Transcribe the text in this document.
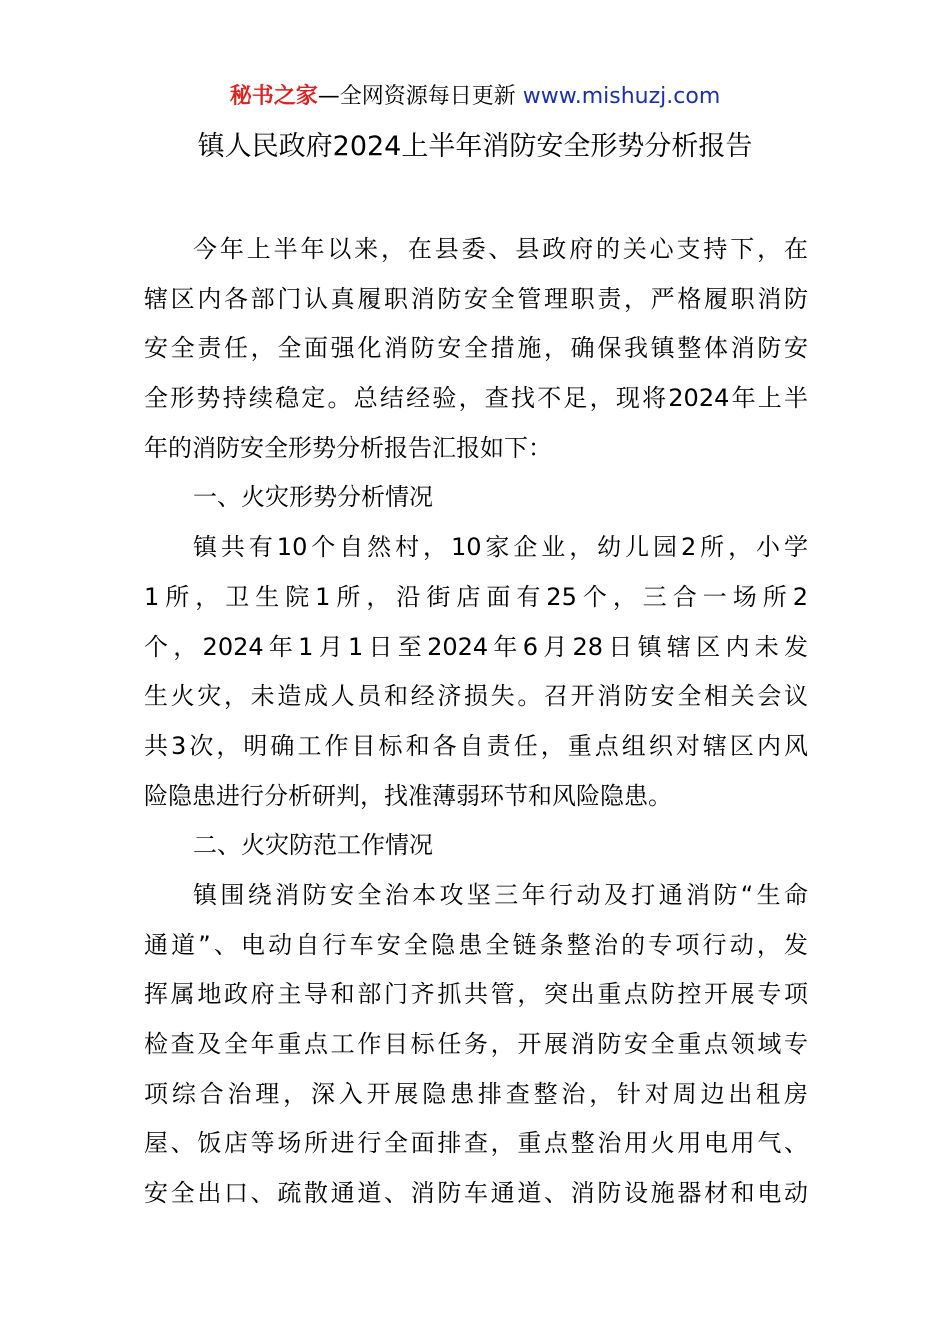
秘书之家—全网资源每日更新 www.mishuzj.com
镇人民政府2024上半年消防安全形势分析报告
今年上半年以来，在县委、县政府的关心支持下，在
辖区内各部门认真履职消防安全管理职责，严格履职消防
安全责任，全面强化消防安全措施，确保我镇整体消防安
全形势持续稳定。总结经验，查找不足，现将2024年上半
年的消防安全形势分析报告汇报如下：
一、火灾形势分析情况
镇共有10个自然村，10家企业，幼儿园2所，小学
1所，卫生院1所，沿街店面有25个，三合一场所2
个，2024年1月1日至2024年6月28日镇辖区内未发
生火灾，未造成人员和经济损失。召开消防安全相关会议
共3次，明确工作目标和各自责任，重点组织对辖区内风
险隐患进行分析研判，找准薄弱环节和风险隐患。
二、火灾防范工作情况
镇围绕消防安全治本攻坚三年行动及打通消防“生命
通道”、电动自行车安全隐患全链条整治的专项行动，发
挥属地政府主导和部门齐抓共管，突出重点防控开展专项
检查及全年重点工作目标任务，开展消防安全重点领域专
项综合治理，深入开展隐患排查整治，针对周边出租房
屋、饭店等场所进行全面排查，重点整治用火用电用气、
安全出口、疏散通道、消防车通道、消防设施器材和电动
